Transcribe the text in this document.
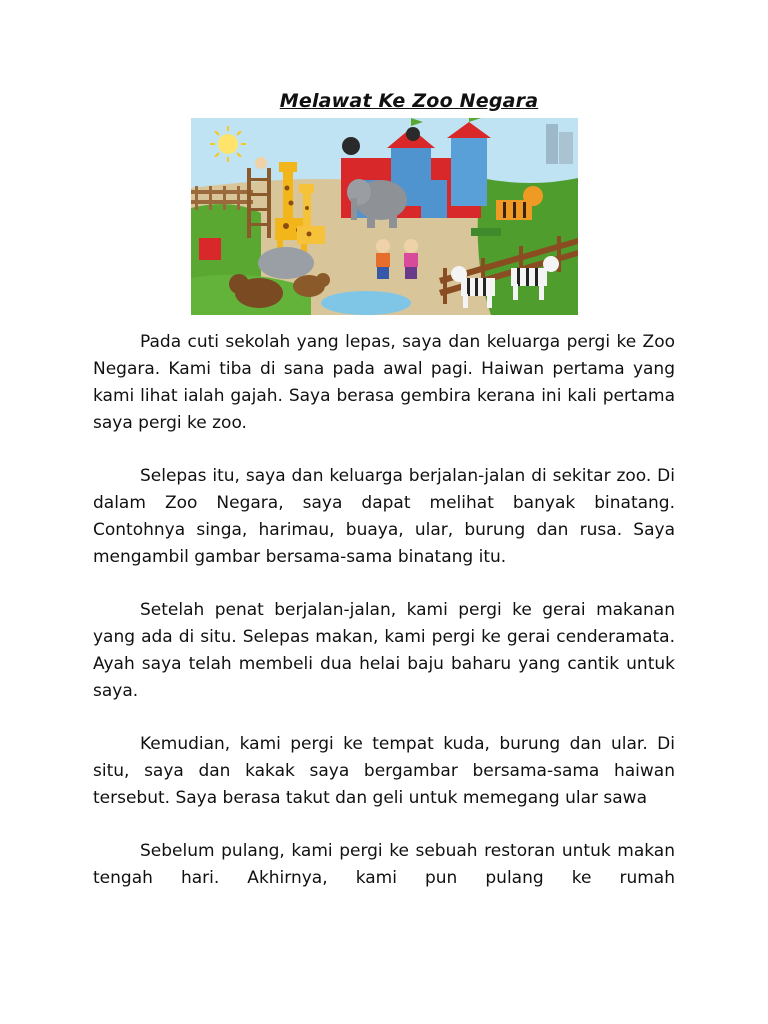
Melawat Ke Zoo Negara

Pada cuti sekolah yang lepas, saya dan keluarga pergi ke Zoo Negara. Kami tiba di sana pada awal pagi. Haiwan pertama yang kami lihat ialah gajah. Saya berasa gembira kerana ini kali pertama saya pergi ke zoo.

Selepas itu, saya dan keluarga berjalan-jalan di sekitar zoo. Di dalam Zoo Negara, saya dapat melihat banyak binatang. Contohnya singa, harimau, buaya, ular, burung dan rusa. Saya mengambil gambar bersama-sama binatang itu.

Setelah penat berjalan-jalan, kami pergi ke gerai makanan yang ada di situ. Selepas makan, kami pergi ke gerai cenderamata. Ayah saya telah membeli dua helai baju baharu yang cantik untuk saya.

Kemudian, kami pergi ke tempat kuda, burung dan ular. Di situ, saya dan kakak saya bergambar bersama-sama haiwan tersebut. Saya berasa takut dan geli untuk memegang ular sawa

Sebelum pulang, kami pergi ke sebuah restoran untuk makan tengah hari. Akhirnya, kami pun pulang ke rumah
